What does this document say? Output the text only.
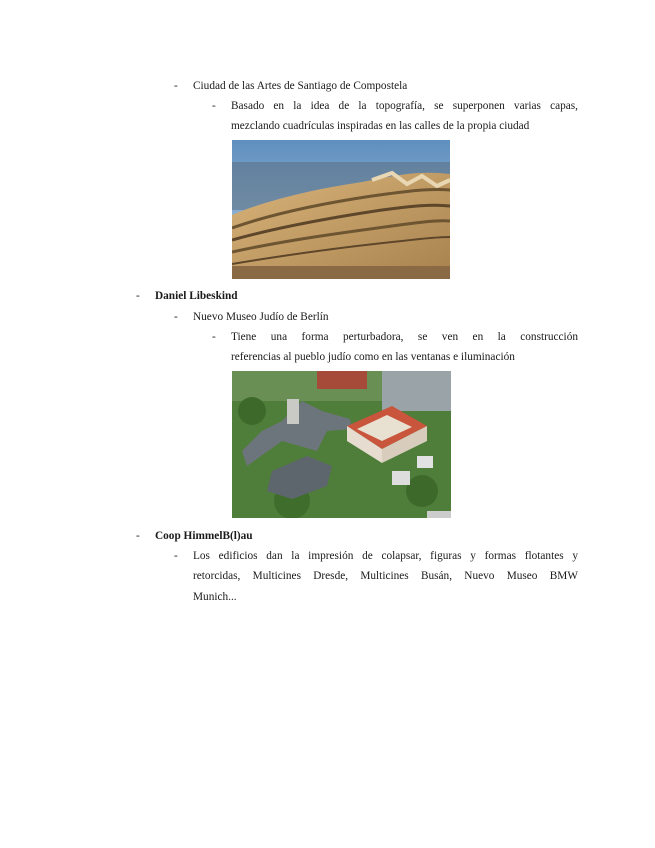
- Ciudad de las Artes de Santiago de Compostela
- Basado en la idea de la topografía, se superponen varias capas,
mezclando cuadrículas inspiradas en las calles de la propia ciudad
- Daniel Libeskind
- Nuevo Museo Judío de Berlín
- Tiene una forma perturbadora, se ven en la construcción
referencias al pueblo judío como en las ventanas e iluminación
- Coop HimmelB(l)au
- Los edificios dan la impresión de colapsar, figuras y formas flotantes y
retorcidas, Multicines Dresde, Multicines Busán, Nuevo Museo BMW
Munich...
